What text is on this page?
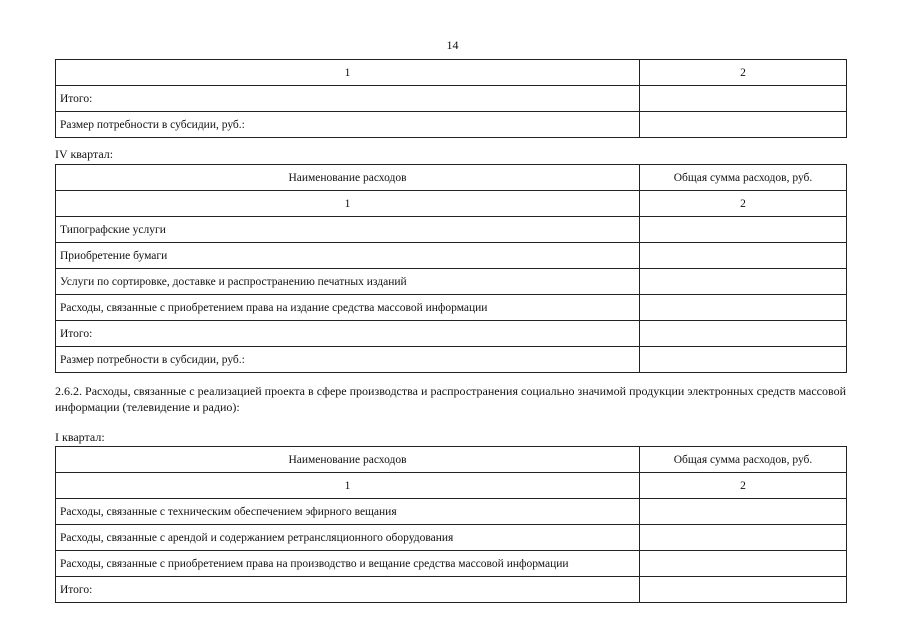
14
1	2
Итого:	
Размер потребности в субсидии, руб.:	
IV квартал:
Наименование расходов	Общая сумма расходов, руб.
1	2
Типографские услуги	
Приобретение бумаги	
Услуги по сортировке, доставке и распространению печатных изданий	
Расходы, связанные с приобретением права на издание средства массовой информации	
Итого:	
Размер потребности в субсидии, руб.:	
2.6.2. Расходы, связанные с реализацией проекта в сфере производства и распространения социально значимой продукции электронных средств массовой информации (телевидение и радио):
I квартал:
Наименование расходов	Общая сумма расходов, руб.
1	2
Расходы, связанные с техническим обеспечением эфирного вещания	
Расходы, связанные с арендой и содержанием ретрансляционного оборудования	
Расходы, связанные с приобретением права на производство и вещание средства массовой информации	
Итого:	
